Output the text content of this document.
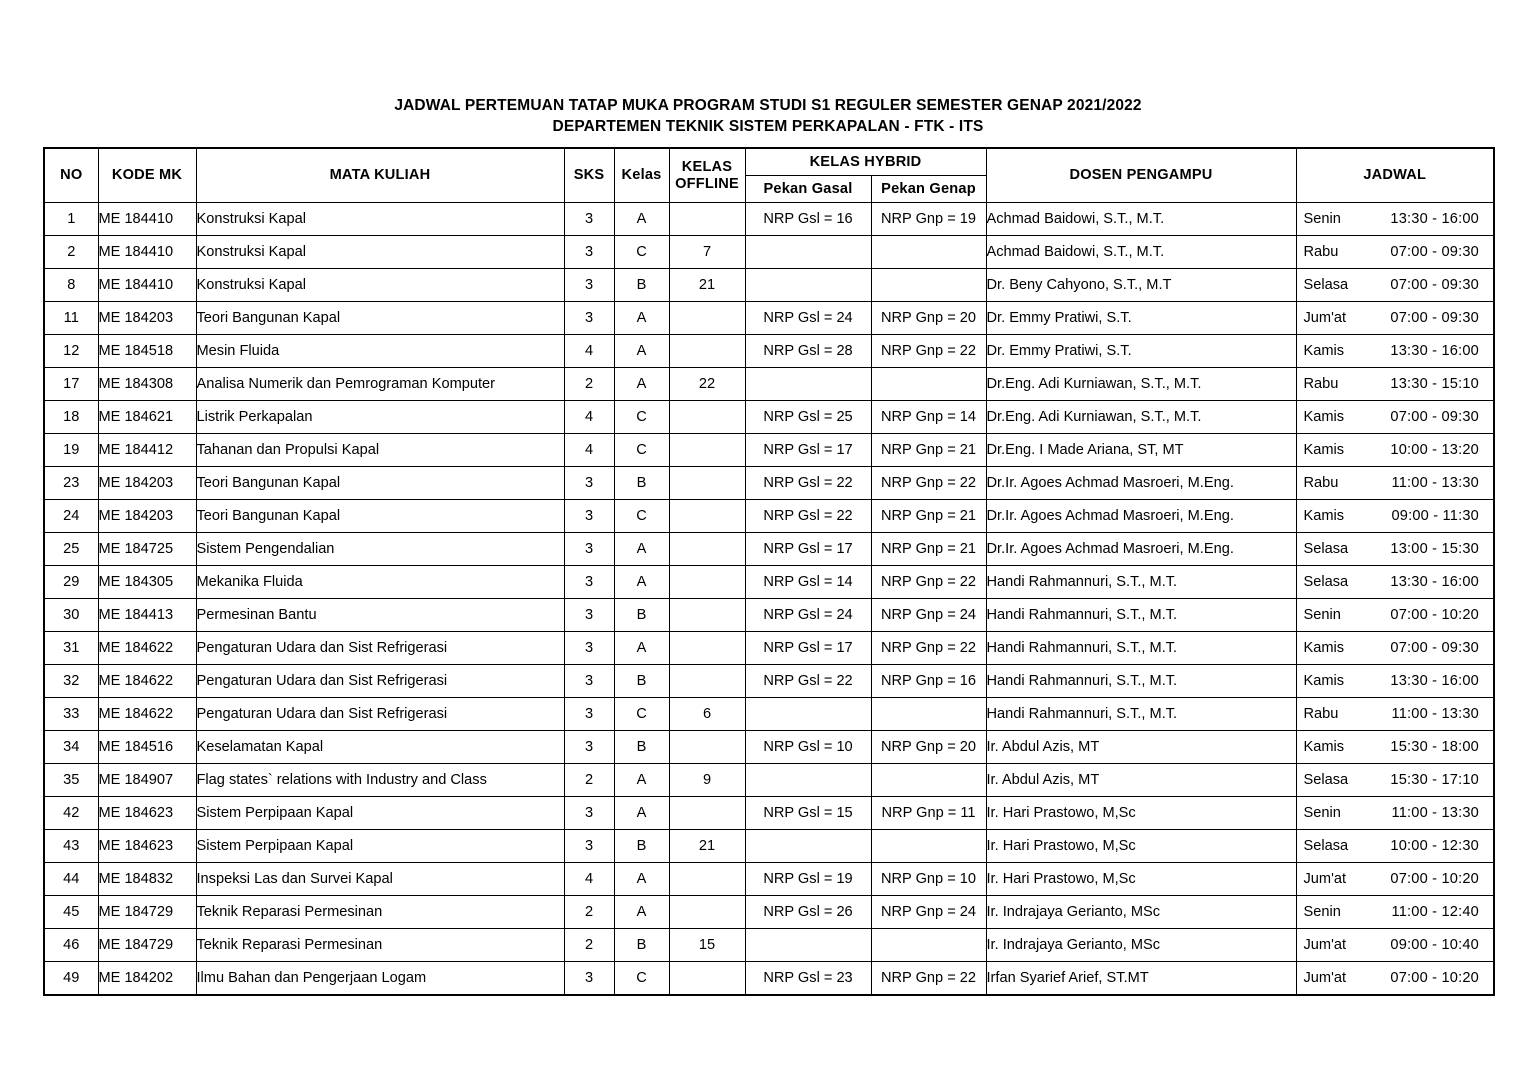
JADWAL PERTEMUAN TATAP MUKA PROGRAM STUDI S1 REGULER SEMESTER GENAP 2021/2022
DEPARTEMEN TEKNIK SISTEM PERKAPALAN - FTK - ITS
NO	KODE MK	MATA KULIAH	SKS	Kelas	KELAS
OFFLINE	KELAS HYBRID		DOSEN PENGAMPU	JADWAL
						Pekan Gasal	Pekan Genap		
1	ME 184410	Konstruksi Kapal	3	A		NRP Gsl = 16	NRP Gnp = 19	Achmad Baidowi, S.T., M.T.	Senin 13:30 - 16:00

2	ME 184410	Konstruksi Kapal	3	C	7			Achmad Baidowi, S.T., M.T.	Rabu 07:00 - 09:30

8	ME 184410	Konstruksi Kapal	3	B	21			Dr. Beny Cahyono, S.T., M.T	Selasa 07:00 - 09:30

11	ME 184203	Teori Bangunan Kapal	3	A		NRP Gsl = 24	NRP Gnp = 20	Dr. Emmy Pratiwi, S.T.	Jum'at 07:00 - 09:30

12	ME 184518	Mesin Fluida	4	A		NRP Gsl = 28	NRP Gnp = 22	Dr. Emmy Pratiwi, S.T.	Kamis 13:30 - 16:00

17	ME 184308	Analisa Numerik dan Pemrograman Komputer	2	A	22			Dr.Eng. Adi Kurniawan, S.T., M.T.	Rabu 13:30 - 15:10

18	ME 184621	Listrik Perkapalan	4	C		NRP Gsl = 25	NRP Gnp = 14	Dr.Eng. Adi Kurniawan, S.T., M.T.	Kamis 07:00 - 09:30

19	ME 184412	Tahanan dan Propulsi Kapal	4	C		NRP Gsl = 17	NRP Gnp = 21	Dr.Eng. I Made Ariana, ST, MT	Kamis 10:00 - 13:20

23	ME 184203	Teori Bangunan Kapal	3	B		NRP Gsl = 22	NRP Gnp = 22	Dr.Ir. Agoes Achmad Masroeri, M.Eng.	Rabu 11:00 - 13:30

24	ME 184203	Teori Bangunan Kapal	3	C		NRP Gsl = 22	NRP Gnp = 21	Dr.Ir. Agoes Achmad Masroeri, M.Eng.	Kamis 09:00 - 11:30

25	ME 184725	Sistem Pengendalian	3	A		NRP Gsl = 17	NRP Gnp = 21	Dr.Ir. Agoes Achmad Masroeri, M.Eng.	Selasa 13:00 - 15:30

29	ME 184305	Mekanika Fluida	3	A		NRP Gsl = 14	NRP Gnp = 22	Handi Rahmannuri, S.T., M.T.	Selasa 13:30 - 16:00

30	ME 184413	Permesinan Bantu	3	B		NRP Gsl = 24	NRP Gnp = 24	Handi Rahmannuri, S.T., M.T.	Senin 07:00 - 10:20

31	ME 184622	Pengaturan Udara dan Sist Refrigerasi	3	A		NRP Gsl = 17	NRP Gnp = 22	Handi Rahmannuri, S.T., M.T.	Kamis 07:00 - 09:30

32	ME 184622	Pengaturan Udara dan Sist Refrigerasi	3	B		NRP Gsl = 22	NRP Gnp = 16	Handi Rahmannuri, S.T., M.T.	Kamis 13:30 - 16:00

33	ME 184622	Pengaturan Udara dan Sist Refrigerasi	3	C	6			Handi Rahmannuri, S.T., M.T.	Rabu 11:00 - 13:30

34	ME 184516	Keselamatan Kapal	3	B		NRP Gsl = 10	NRP Gnp = 20	Ir. Abdul Azis, MT	Kamis 15:30 - 18:00

35	ME 184907	Flag states` relations with Industry and Class	2	A	9			Ir. Abdul Azis, MT	Selasa 15:30 - 17:10

42	ME 184623	Sistem Perpipaan Kapal	3	A		NRP Gsl = 15	NRP Gnp = 11	Ir. Hari Prastowo, M,Sc	Senin 11:00 - 13:30

43	ME 184623	Sistem Perpipaan Kapal	3	B	21			Ir. Hari Prastowo, M,Sc	Selasa 10:00 - 12:30

44	ME 184832	Inspeksi Las dan Survei Kapal	4	A		NRP Gsl = 19	NRP Gnp = 10	Ir. Hari Prastowo, M,Sc	Jum'at 07:00 - 10:20

45	ME 184729	Teknik Reparasi Permesinan	2	A		NRP Gsl = 26	NRP Gnp = 24	Ir. Indrajaya Gerianto, MSc	Senin 11:00 - 12:40

46	ME 184729	Teknik Reparasi Permesinan	2	B	15			Ir. Indrajaya Gerianto, MSc	Jum'at 09:00 - 10:40

49	ME 184202	Ilmu Bahan dan Pengerjaan Logam	3	C		NRP Gsl = 23	NRP Gnp = 22	Irfan Syarief Arief, ST.MT	Jum'at 07:00 - 10:20
